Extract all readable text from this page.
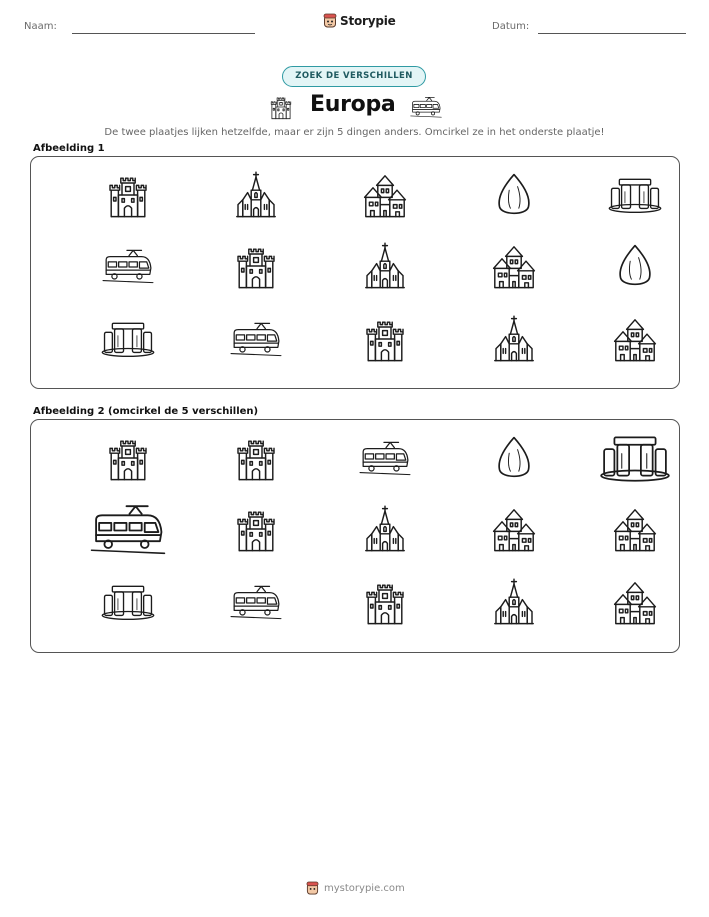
Naam:	Storypie	Datum:
ZOEK DE VERSCHILLEN
Europa
De twee plaatjes lijken hetzelfde, maar er zijn 5 dingen anders. Omcirkel ze in het onderste plaatje!
Afbeelding 1
Afbeelding 2 (omcirkel de 5 verschillen)
mystorypie.com
